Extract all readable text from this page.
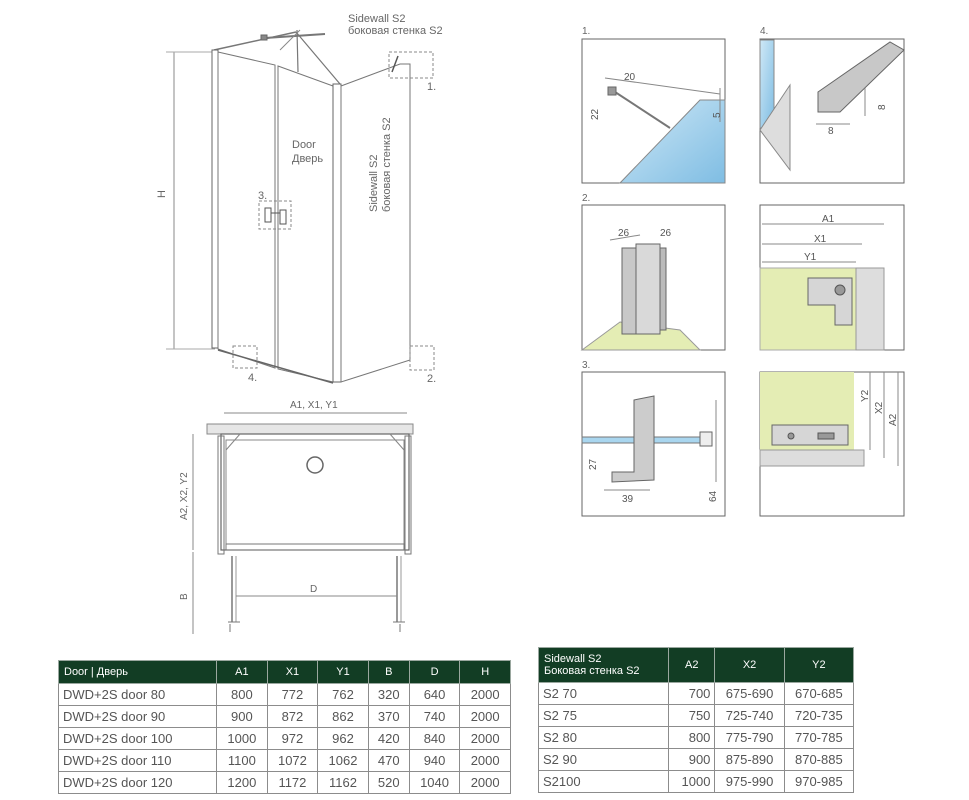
H
Sidewall S2
боковая стенка S2
Door
Дверь	Sidewall S2 боковая стенка S2
1.
2.
3.
4.
A1, X1, Y1
D
A2, X2, Y2
B
1.
20
22	5
4.
8
8
2.
26	26
A1
X1
Y1
3.
27
39	64
Y2
X2
A2
Door | Дверь	A1	X1	Y1	B	D	H
DWD+2S door 80	800	772	762	320	640	2000
DWD+2S door 90	900	872	862	370	740	2000
DWD+2S door 100	1000	972	962	420	840	2000
DWD+2S door 110	1100	1072	1062	470	940	2000
DWD+2S door 120	1200	1172	1162	520	1040	2000
Sidewall S2
Боковая стенка S2	A2	X2	Y2
S2 70	700	675-690	670-685
S2 75	750	725-740	720-735
S2 80	800	775-790	770-785
S2 90	900	875-890	870-885
S2100	1000	975-990	970-985
